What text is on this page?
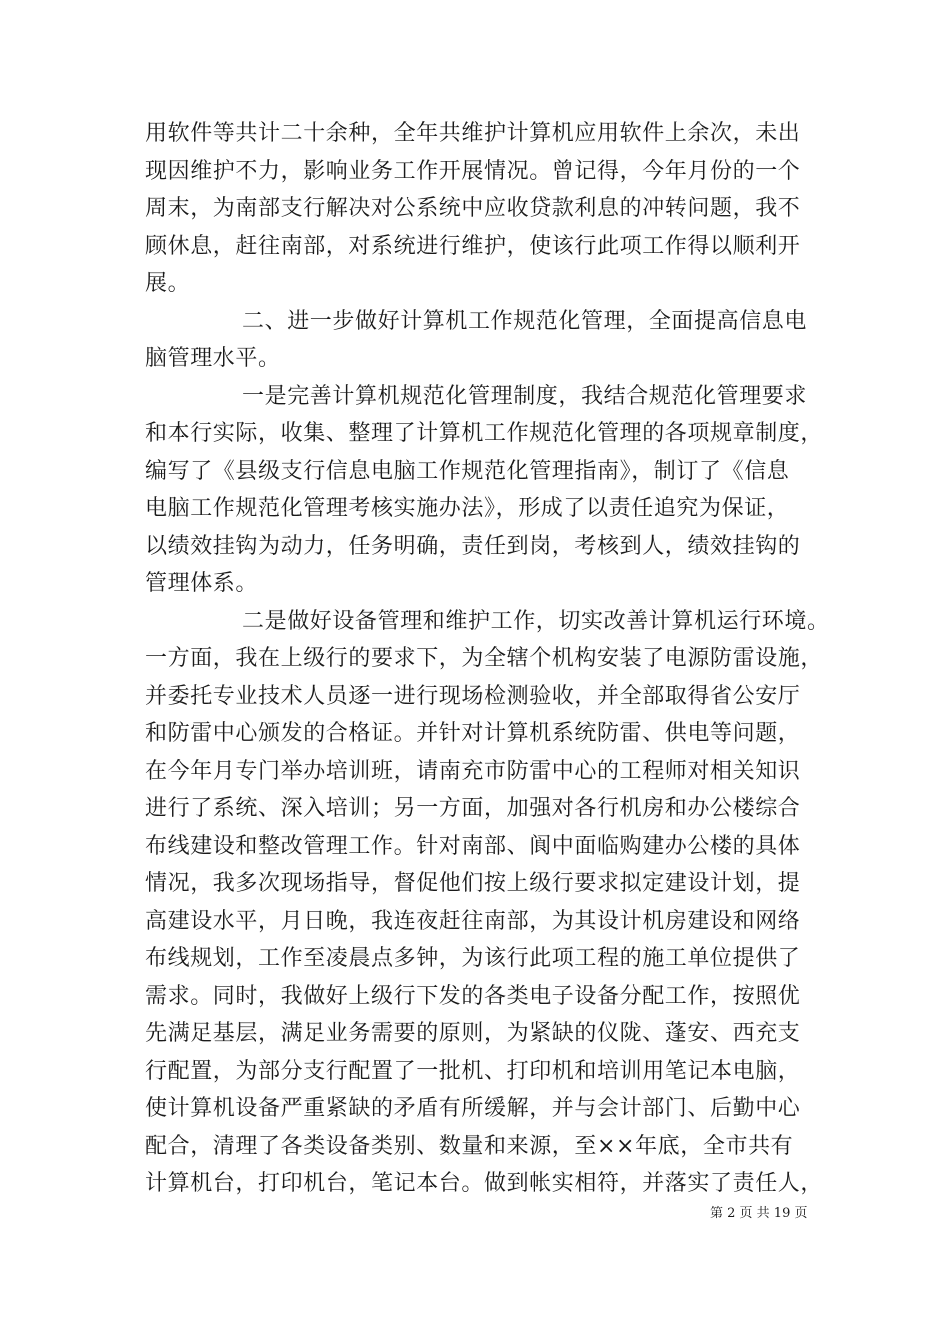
用软件等共计二十余种，全年共维护计算机应用软件上余次，未出
现因维护不力，影响业务工作开展情况。曾记得，今年月份的一个
周末，为南部支行解决对公系统中应收贷款利息的冲转问题，我不
顾休息，赶往南部，对系统进行维护，使该行此项工作得以顺利开
展。
二、进一步做好计算机工作规范化管理，全面提高信息电
脑管理水平。
一是完善计算机规范化管理制度，我结合规范化管理要求
和本行实际，收集、整理了计算机工作规范化管理的各项规章制度，
编写了《县级支行信息电脑工作规范化管理指南》，制订了《信息
电脑工作规范化管理考核实施办法》，形成了以责任追究为保证，
以绩效挂钩为动力，任务明确，责任到岗，考核到人，绩效挂钩的
管理体系。
二是做好设备管理和维护工作，切实改善计算机运行环境。
一方面，我在上级行的要求下，为全辖个机构安装了电源防雷设施，
并委托专业技术人员逐一进行现场检测验收，并全部取得省公安厅
和防雷中心颁发的合格证。并针对计算机系统防雷、供电等问题，
在今年月专门举办培训班，请南充市防雷中心的工程师对相关知识
进行了系统、深入培训；另一方面，加强对各行机房和办公楼综合
布线建设和整改管理工作。针对南部、阆中面临购建办公楼的具体
情况，我多次现场指导，督促他们按上级行要求拟定建设计划，提
高建设水平，月日晚，我连夜赶往南部，为其设计机房建设和网络
布线规划，工作至凌晨点多钟，为该行此项工程的施工单位提供了
需求。同时，我做好上级行下发的各类电子设备分配工作，按照优
先满足基层，满足业务需要的原则，为紧缺的仪陇、蓬安、西充支
行配置，为部分支行配置了一批机、打印机和培训用笔记本电脑，
使计算机设备严重紧缺的矛盾有所缓解，并与会计部门、后勤中心
配合，清理了各类设备类别、数量和来源，至××年底，全市共有
计算机台，打印机台，笔记本台。做到帐实相符，并落实了责任人，
第 2 页 共 19 页
